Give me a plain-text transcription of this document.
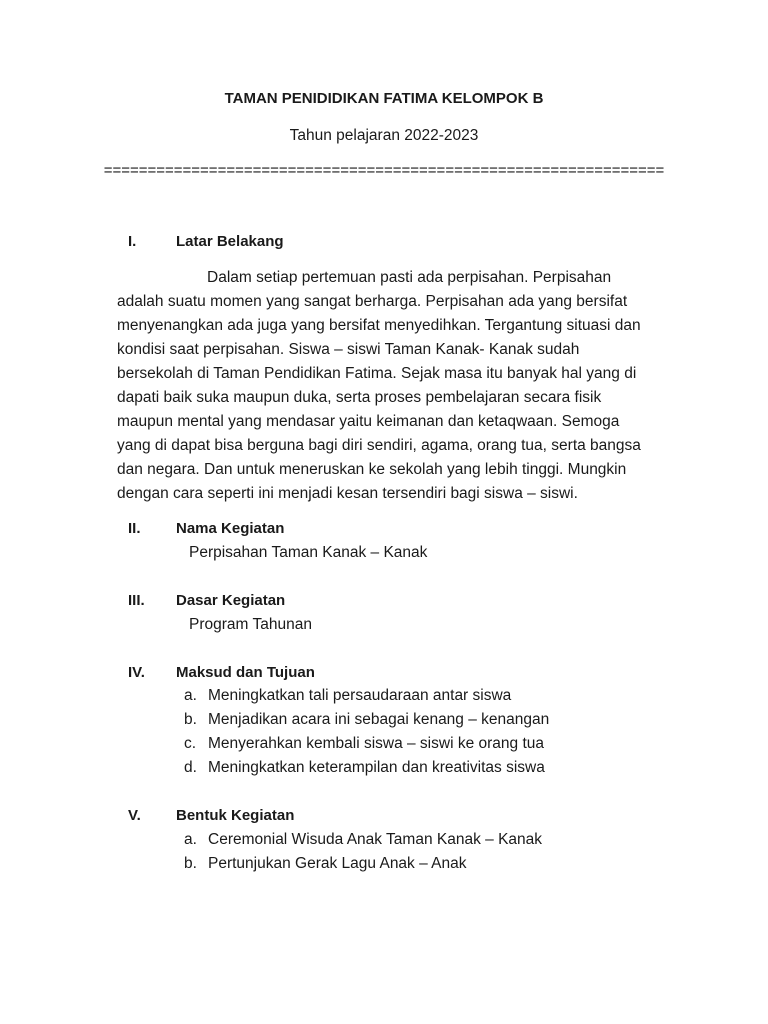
TAMAN PENIDIDIKAN FATIMA KELOMPOK B
Tahun pelajaran 2022-2023
================================================================
I.	Latar Belakang
Dalam setiap pertemuan pasti ada perpisahan. Perpisahan
adalah suatu momen yang sangat berharga. Perpisahan ada yang bersifat
menyenangkan ada juga yang bersifat menyedihkan. Tergantung situasi dan
kondisi saat perpisahan. Siswa – siswi Taman Kanak- Kanak sudah
bersekolah di Taman Pendidikan Fatima. Sejak masa itu banyak hal yang di
dapati baik suka maupun duka, serta proses pembelajaran secara fisik
maupun mental yang mendasar yaitu keimanan dan ketaqwaan. Semoga
yang di dapat bisa berguna bagi diri sendiri, agama, orang tua, serta bangsa
dan negara. Dan untuk meneruskan ke sekolah yang lebih tinggi. Mungkin
dengan cara seperti ini menjadi kesan tersendiri bagi siswa – siswi.
II. Nama Kegiatan
Perpisahan Taman Kanak – Kanak
III. Dasar Kegiatan
Program Tahunan
IV. Maksud dan Tujuan
a. Meningkatkan tali persaudaraan antar siswa
b. Menjadikan acara ini sebagai kenang – kenangan
c. Menyerahkan kembali siswa – siswi ke orang tua
d. Meningkatkan keterampilan dan kreativitas siswa
V. Bentuk Kegiatan
a. Ceremonial Wisuda Anak Taman Kanak – Kanak
b. Pertunjukan Gerak Lagu Anak – Anak
